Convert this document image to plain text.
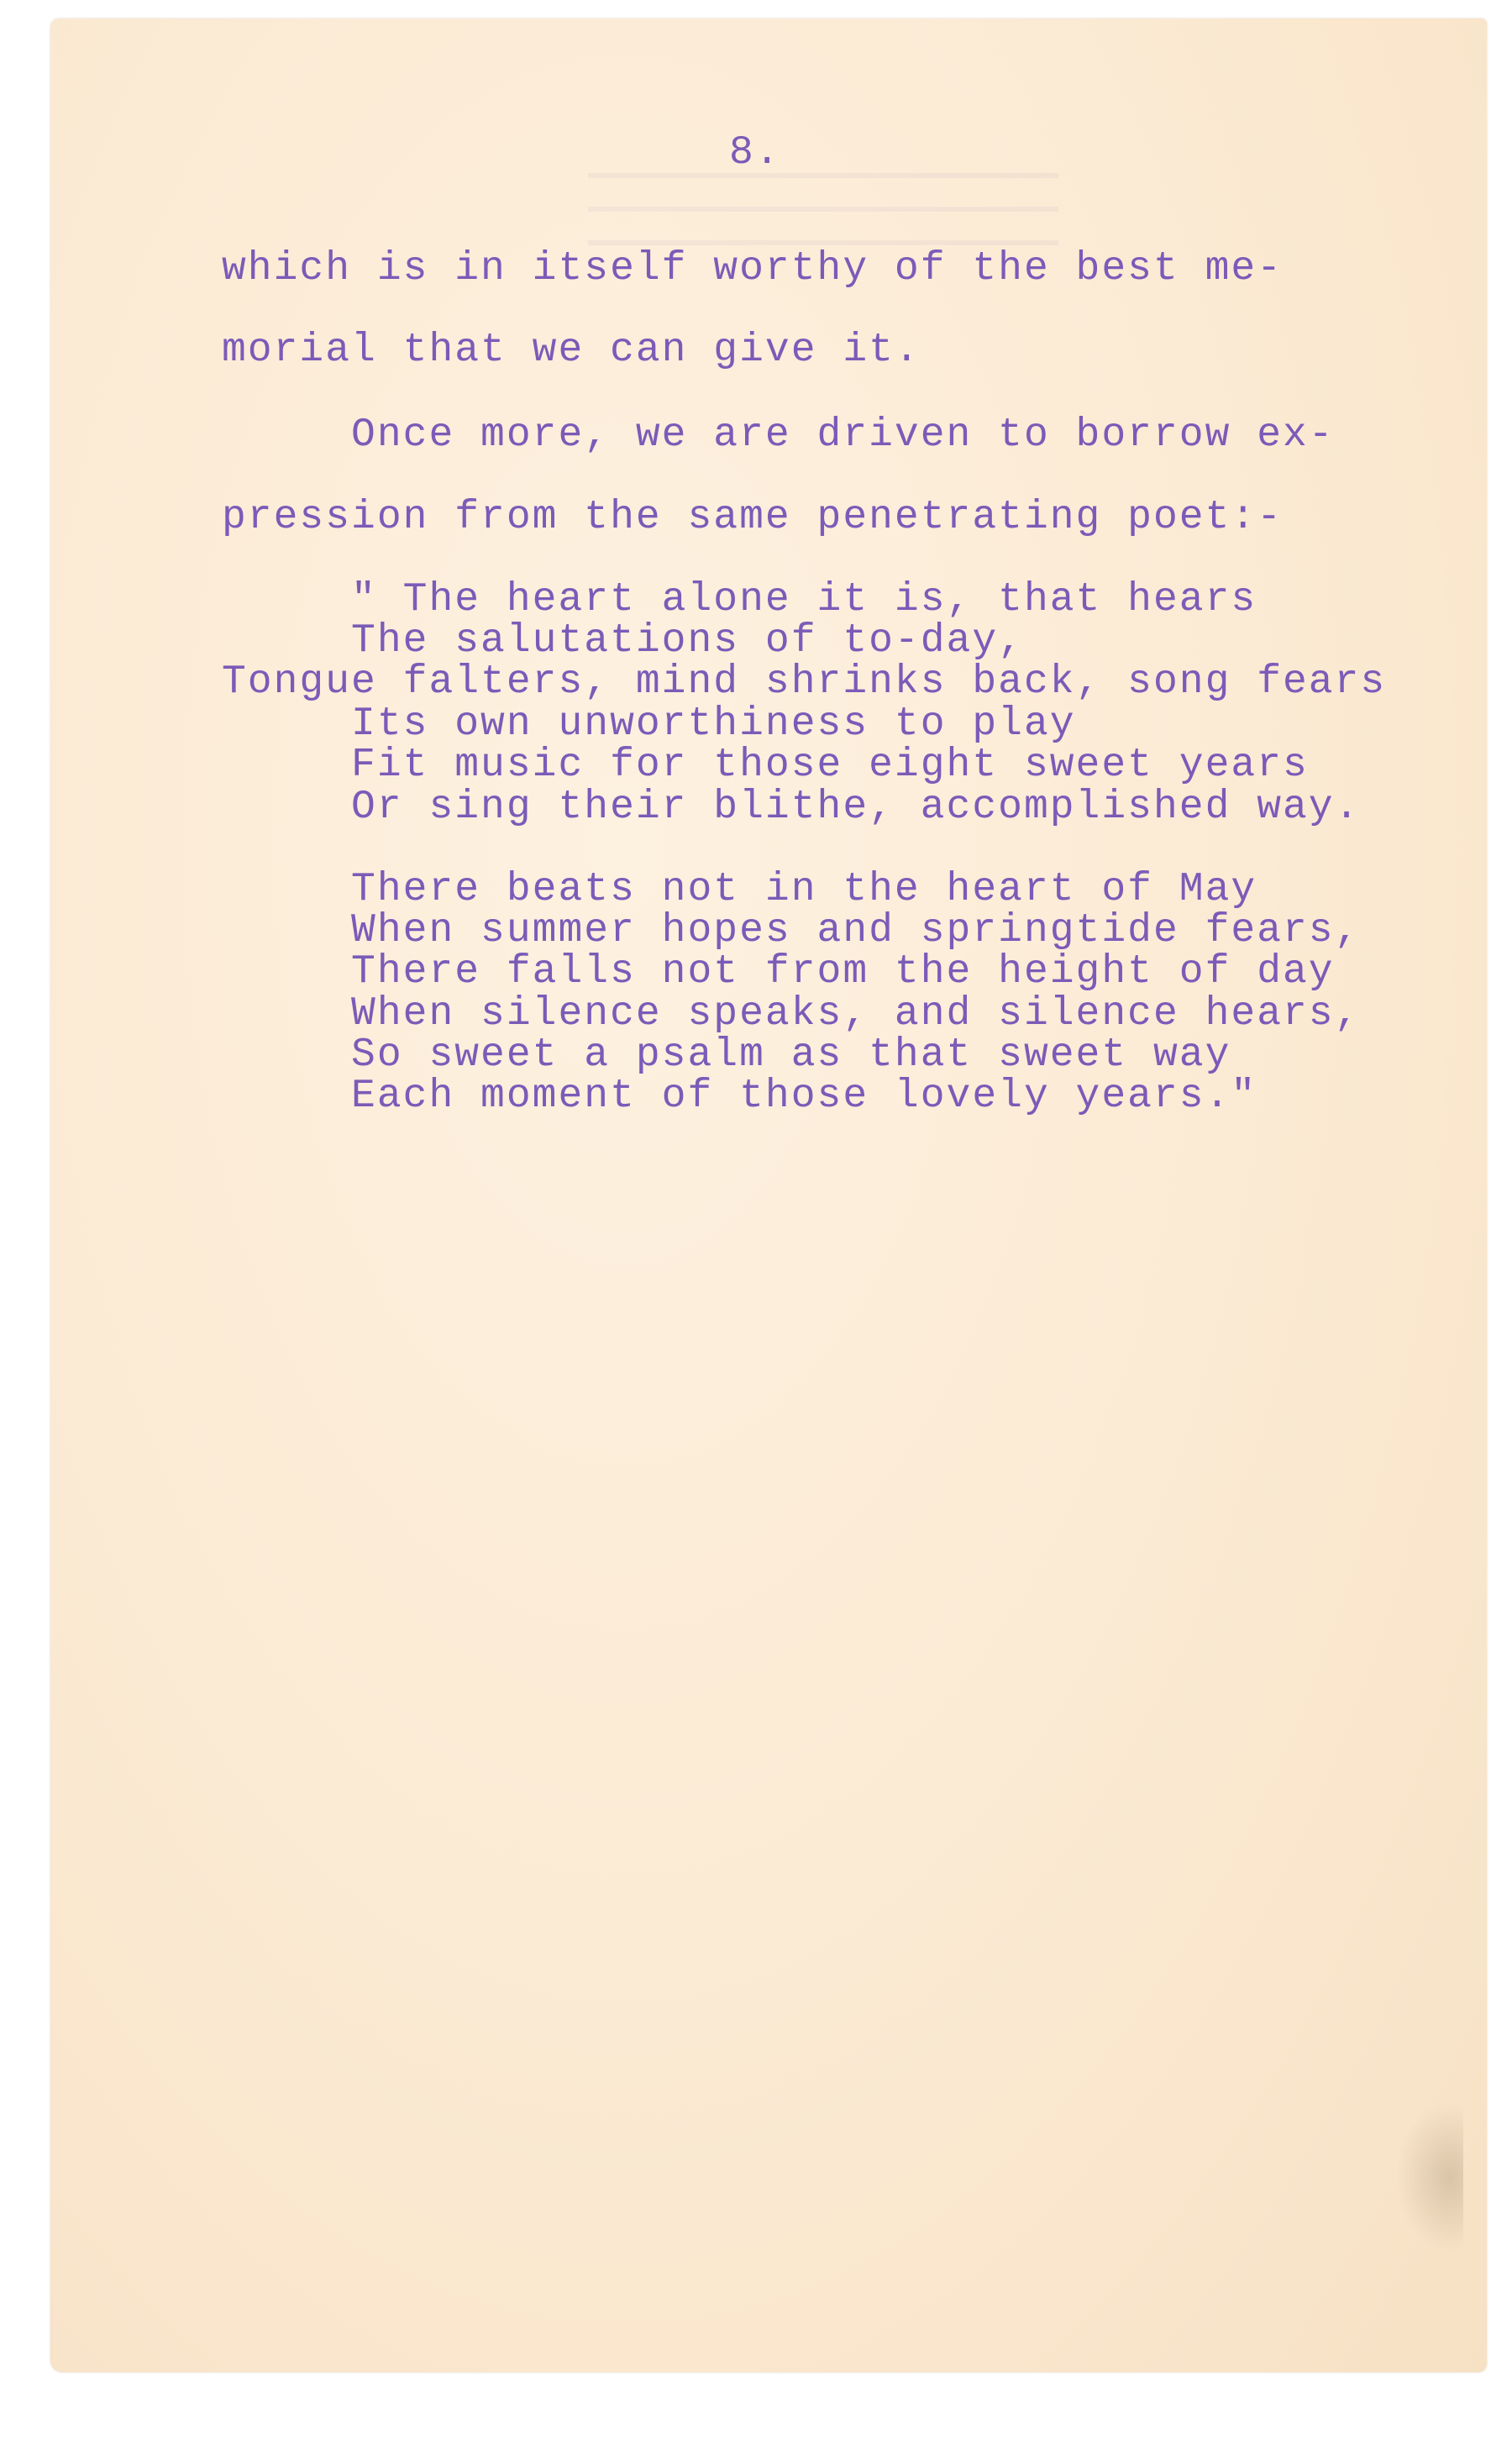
8.

which is in itself worthy of the best me-

morial that we can give it.

Once more, we are driven to borrow ex-

pression from the same penetrating poet:-

" The heart alone it is, that hears

The salutations of to-day,

Tongue falters, mind shrinks back, song fears

Its own unworthiness to play

Fit music for those eight sweet years

Or sing their blithe, accomplished way.

There beats not in the heart of May

When summer hopes and springtide fears,

There falls not from the height of day

When silence speaks, and silence hears,

So sweet a psalm as that sweet way

Each moment of those lovely years."
